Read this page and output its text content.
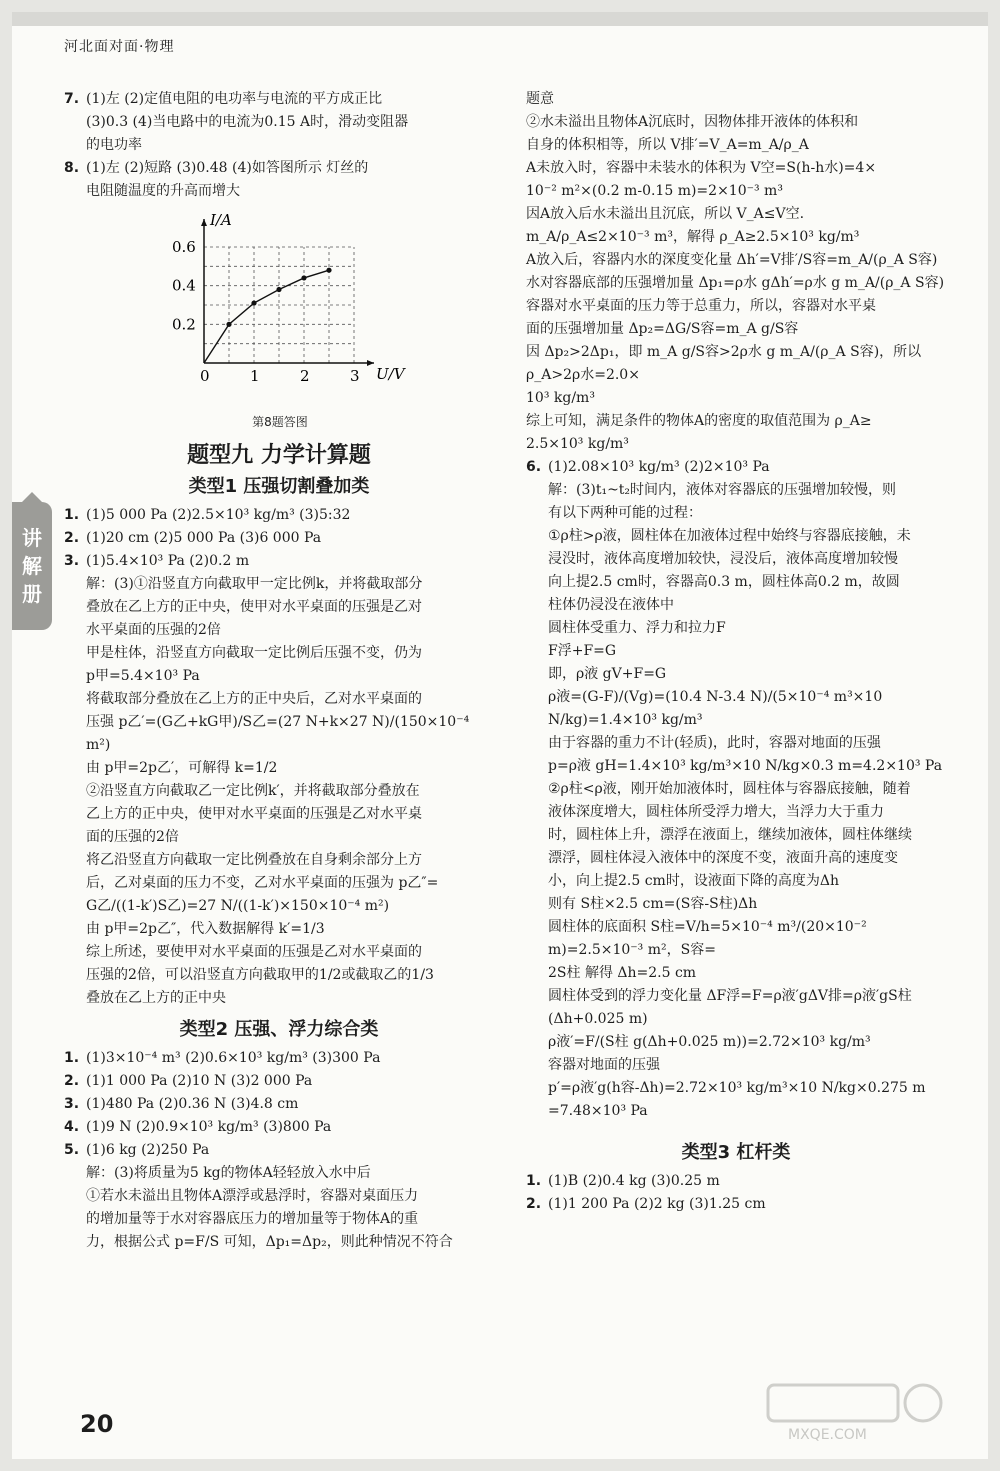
河北面对面·物理
讲
解
册
7. (1)左 (2)定值电阻的电功率与电流的平方成正比
(3)0.3 (4)当电路中的电流为0.15 A时，滑动变阻器
的电功率
8. (1)左 (2)短路 (3)0.48 (4)如答图所示 灯丝的
电阻随温度的升高而增大
0	1	2	3
0.2
0.4
0.6
U/V
I/A
第8题答图
题型九 力学计算题
类型1 压强切割叠加类
1. (1)5 000 Pa (2)2.5×10³ kg/m³ (3)5:32
2. (1)20 cm (2)5 000 Pa (3)6 000 Pa
3. (1)5.4×10³ Pa (2)0.2 m
解：(3)①沿竖直方向截取甲一定比例k，并将截取部分
叠放在乙上方的正中央，使甲对水平桌面的压强是乙对
水平桌面的压强的2倍
甲是柱体，沿竖直方向截取一定比例后压强不变，仍为
p甲=5.4×10³ Pa
将截取部分叠放在乙上方的正中央后，乙对水平桌面的
压强 p乙′=(G乙+kG甲)/S乙=(27 N+k×27 N)/(150×10⁻⁴ m²)
由 p甲=2p乙′，可解得 k=1/2
②沿竖直方向截取乙一定比例k′，并将截取部分叠放在
乙上方的正中央，使甲对水平桌面的压强是乙对水平桌
面的压强的2倍
将乙沿竖直方向截取一定比例叠放在自身剩余部分上方
后，乙对桌面的压力不变，乙对水平桌面的压强为 p乙″=
G乙/((1-k′)S乙)=27 N/((1-k′)×150×10⁻⁴ m²)
由 p甲=2p乙″，代入数据解得 k′=1/3
综上所述，要使甲对水平桌面的压强是乙对水平桌面的
压强的2倍，可以沿竖直方向截取甲的1/2或截取乙的1/3
叠放在乙上方的正中央
类型2 压强、浮力综合类
1. (1)3×10⁻⁴ m³ (2)0.6×10³ kg/m³ (3)300 Pa
2. (1)1 000 Pa (2)10 N (3)2 000 Pa
3. (1)480 Pa (2)0.36 N (3)4.8 cm
4. (1)9 N (2)0.9×10³ kg/m³ (3)800 Pa
5. (1)6 kg (2)250 Pa
解：(3)将质量为5 kg的物体A轻轻放入水中后
①若水未溢出且物体A漂浮或悬浮时，容器对桌面压力
的增加量等于水对容器底压力的增加量等于物体A的重
力，根据公式 p=F/S 可知，Δp₁=Δp₂，则此种情况不符合

题意

②水未溢出且物体A沉底时，因物体排开液体的体积和

自身的体积相等，所以 V排′=V_A=m_A/ρ_A

A未放入时，容器中未装水的体积为 V空=S(h-h水)=4×

10⁻² m²×(0.2 m-0.15 m)=2×10⁻³ m³

因A放入后水未溢出且沉底，所以 V_A≤V空.

m_A/ρ_A≤2×10⁻³ m³，解得 ρ_A≥2.5×10³ kg/m³

A放入后，容器内水的深度变化量 Δh′=V排′/S容=m_A/(ρ_A S容)

水对容器底部的压强增加量 Δp₁=ρ水 gΔh′=ρ水 g m_A/(ρ_A S容)

容器对水平桌面的压力等于总重力，所以，容器对水平桌

面的压强增加量 Δp₂=ΔG/S容=m_A g/S容

因 Δp₂>2Δp₁，即 m_A g/S容>2ρ水 g m_A/(ρ_A S容)，所以 ρ_A>2ρ水=2.0×

10³ kg/m³

综上可知，满足条件的物体A的密度的取值范围为 ρ_A≥

2.5×10³ kg/m³

6. (1)2.08×10³ kg/m³ (2)2×10³ Pa
解：(3)t₁~t₂时间内，液体对容器底的压强增加较慢，则
有以下两种可能的过程：
①ρ柱>ρ液，圆柱体在加液体过程中始终与容器底接触，未
浸没时，液体高度增加较快，浸没后，液体高度增加较慢
向上提2.5 cm时，容器高0.3 m，圆柱体高0.2 m，故圆
柱体仍浸没在液体中
圆柱体受重力、浮力和拉力F
F浮+F=G
即，ρ液 gV+F=G
ρ液=(G-F)/(Vg)=(10.4 N-3.4 N)/(5×10⁻⁴ m³×10 N/kg)=1.4×10³ kg/m³
由于容器的重力不计(轻质)，此时，容器对地面的压强
p=ρ液 gH=1.4×10³ kg/m³×10 N/kg×0.3 m=4.2×10³ Pa
②ρ柱<ρ液，刚开始加液体时，圆柱体与容器底接触，随着
液体深度增大，圆柱体所受浮力增大，当浮力大于重力
时，圆柱体上升，漂浮在液面上，继续加液体，圆柱体继续
漂浮，圆柱体浸入液体中的深度不变，液面升高的速度变
小，向上提2.5 cm时，设液面下降的高度为Δh
则有 S柱×2.5 cm=(S容-S柱)Δh
圆柱体的底面积 S柱=V/h=5×10⁻⁴ m³/(20×10⁻² m)=2.5×10⁻³ m²，S容=
2S柱 解得 Δh=2.5 cm
圆柱体受到的浮力变化量 ΔF浮=F=ρ液′gΔV排=ρ液′gS柱
(Δh+0.025 m)
ρ液′=F/(S柱 g(Δh+0.025 m))=2.72×10³ kg/m³
容器对地面的压强
p′=ρ液′g(h容-Δh)=2.72×10³ kg/m³×10 N/kg×0.275 m
=7.48×10³ Pa
类型3 杠杆类
1. (1)B (2)0.4 kg (3)0.25 m
2. (1)1 200 Pa (2)2 kg (3)1.25 cm
20	MXQE.COM
